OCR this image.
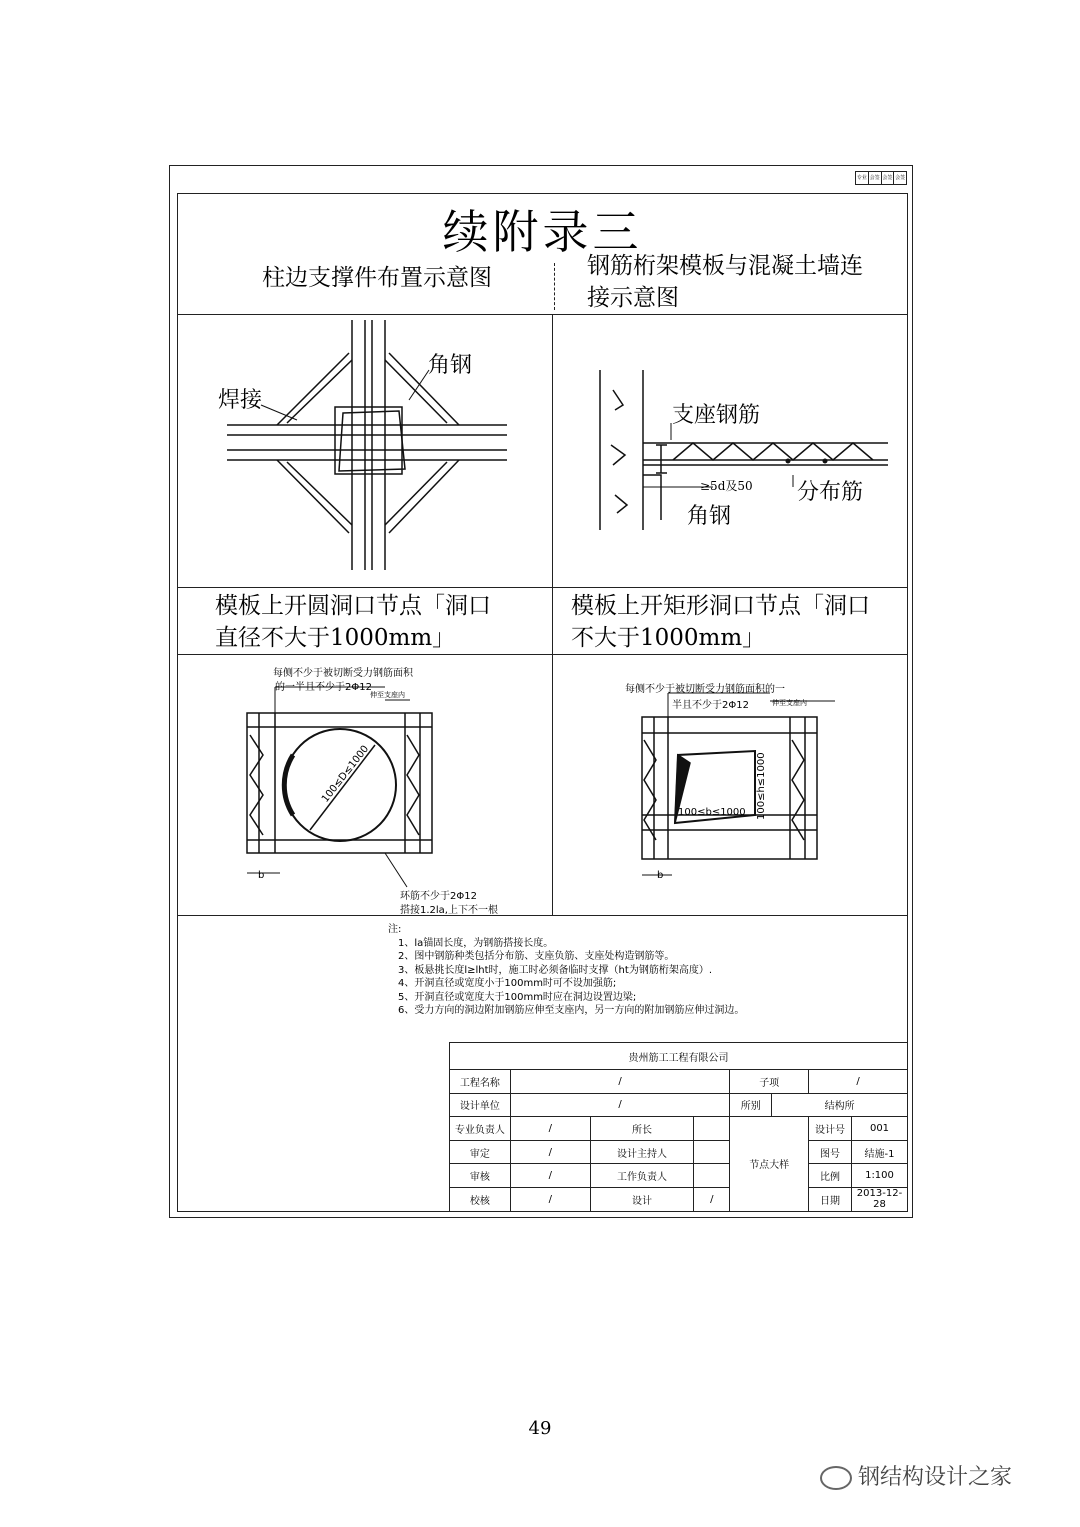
专业 会签 会签 会签
续附录三
柱边支撑件布置示意图	钢筋桁架模板与混凝土墙连
接示意图
模板上开圆洞口节点「洞口
直径不大于1000mm」
模板上开矩形洞口节点「洞口
不大于1000mm」
焊接
角钢
支座钢筋
≥5d及50 分布筋
角钢
每侧不少于被切断受力钢筋面积
的一半且不少于2Φ12
伸至支座内
100≤D≤1000
环筋不少于2Φ12
搭接1.2la,上下不一根
b
每侧不少于被切断受力钢筋面积的一
半且不少于2Φ12	伸至支座内
100≤b≤1000 100≤h≤1000
b
注:
1、la锚固长度，为钢筋搭接长度。
2、图中钢筋种类包括分布筋、支座负筋、支座处构造钢筋等。
3、板悬挑长度l≥lht时，施工时必须备临时支撑（ht为钢筋桁架高度）.
4、开洞直径或宽度小于100mm时可不设加强筋;
5、开洞直径或宽度大于100mm时应在洞边设置边梁;
6、受力方向的洞边附加钢筋应伸至支座内，另一方向的附加钢筋应伸过洞边。
贵州筋工工程有限公司							
工程名称	/			子项		/	
设计单位	/			所别	结构所		
专业负责人	/	所长		节点大样		设计号	001
审定	/	设计主持人				图号	结施-1
审核	/	工作负责人				比例	1:100
校核	/	设计	/			日期	2013-12-28
49
钢结构设计之家
